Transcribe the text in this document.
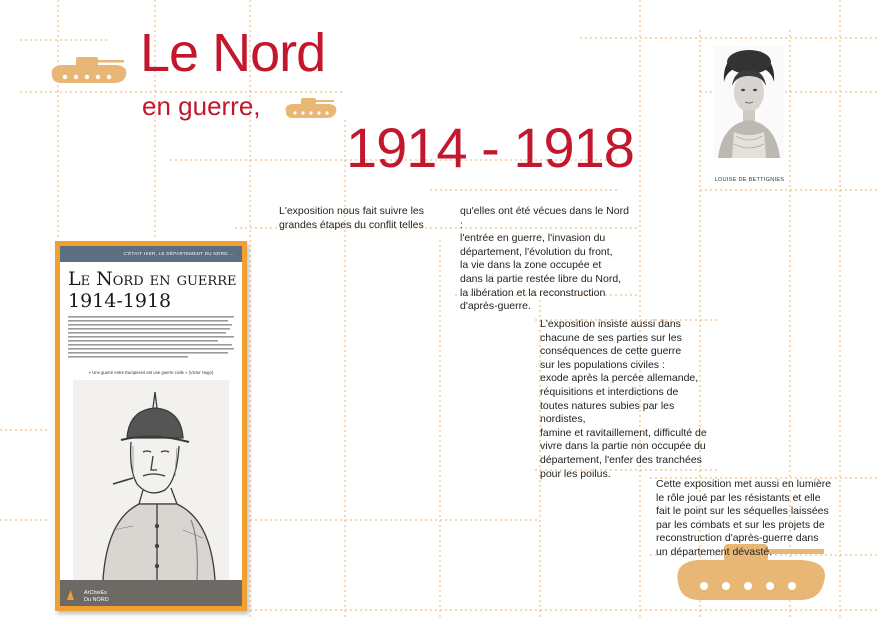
Le Nord
en guerre,
1914 - 1918
LOUISE DE BETTIGNIES

L'exposition nous fait suivre les
grandes étapes du conflit telles

qu'elles ont été vécues dans le Nord :
l'entrée en guerre, l'invasion du
département, l'évolution du front,
la vie dans la zone occupée et
dans la partie restée libre du Nord,
la libération et la reconstruction
d'après-guerre.

L'exposition insiste aussi dans
chacune de ses parties sur les
conséquences de cette guerre
sur les populations civiles :
exode après la percée allemande,
réquisitions et interdictions de
toutes natures subies par les nordistes,
famine et ravitaillement, difficulté de
vivre dans la partie non occupée du
département, l'enfer des tranchées
pour les poilus.

Cette exposition met aussi en lumière
le rôle joué par les résistants et elle
fait le point sur les séquelles laissées
par les combats et sur les projets de
reconstruction d'après-guerre dans
un département dévasté.

C'ÉTAIT HIER, LE DÉPARTEMENT DU NORD ...
Le Nord en guerre
1914-1918
« Une guerre entre Européens est une guerre civile » (Victor Hugo)
ArChivEs
Du NORD
